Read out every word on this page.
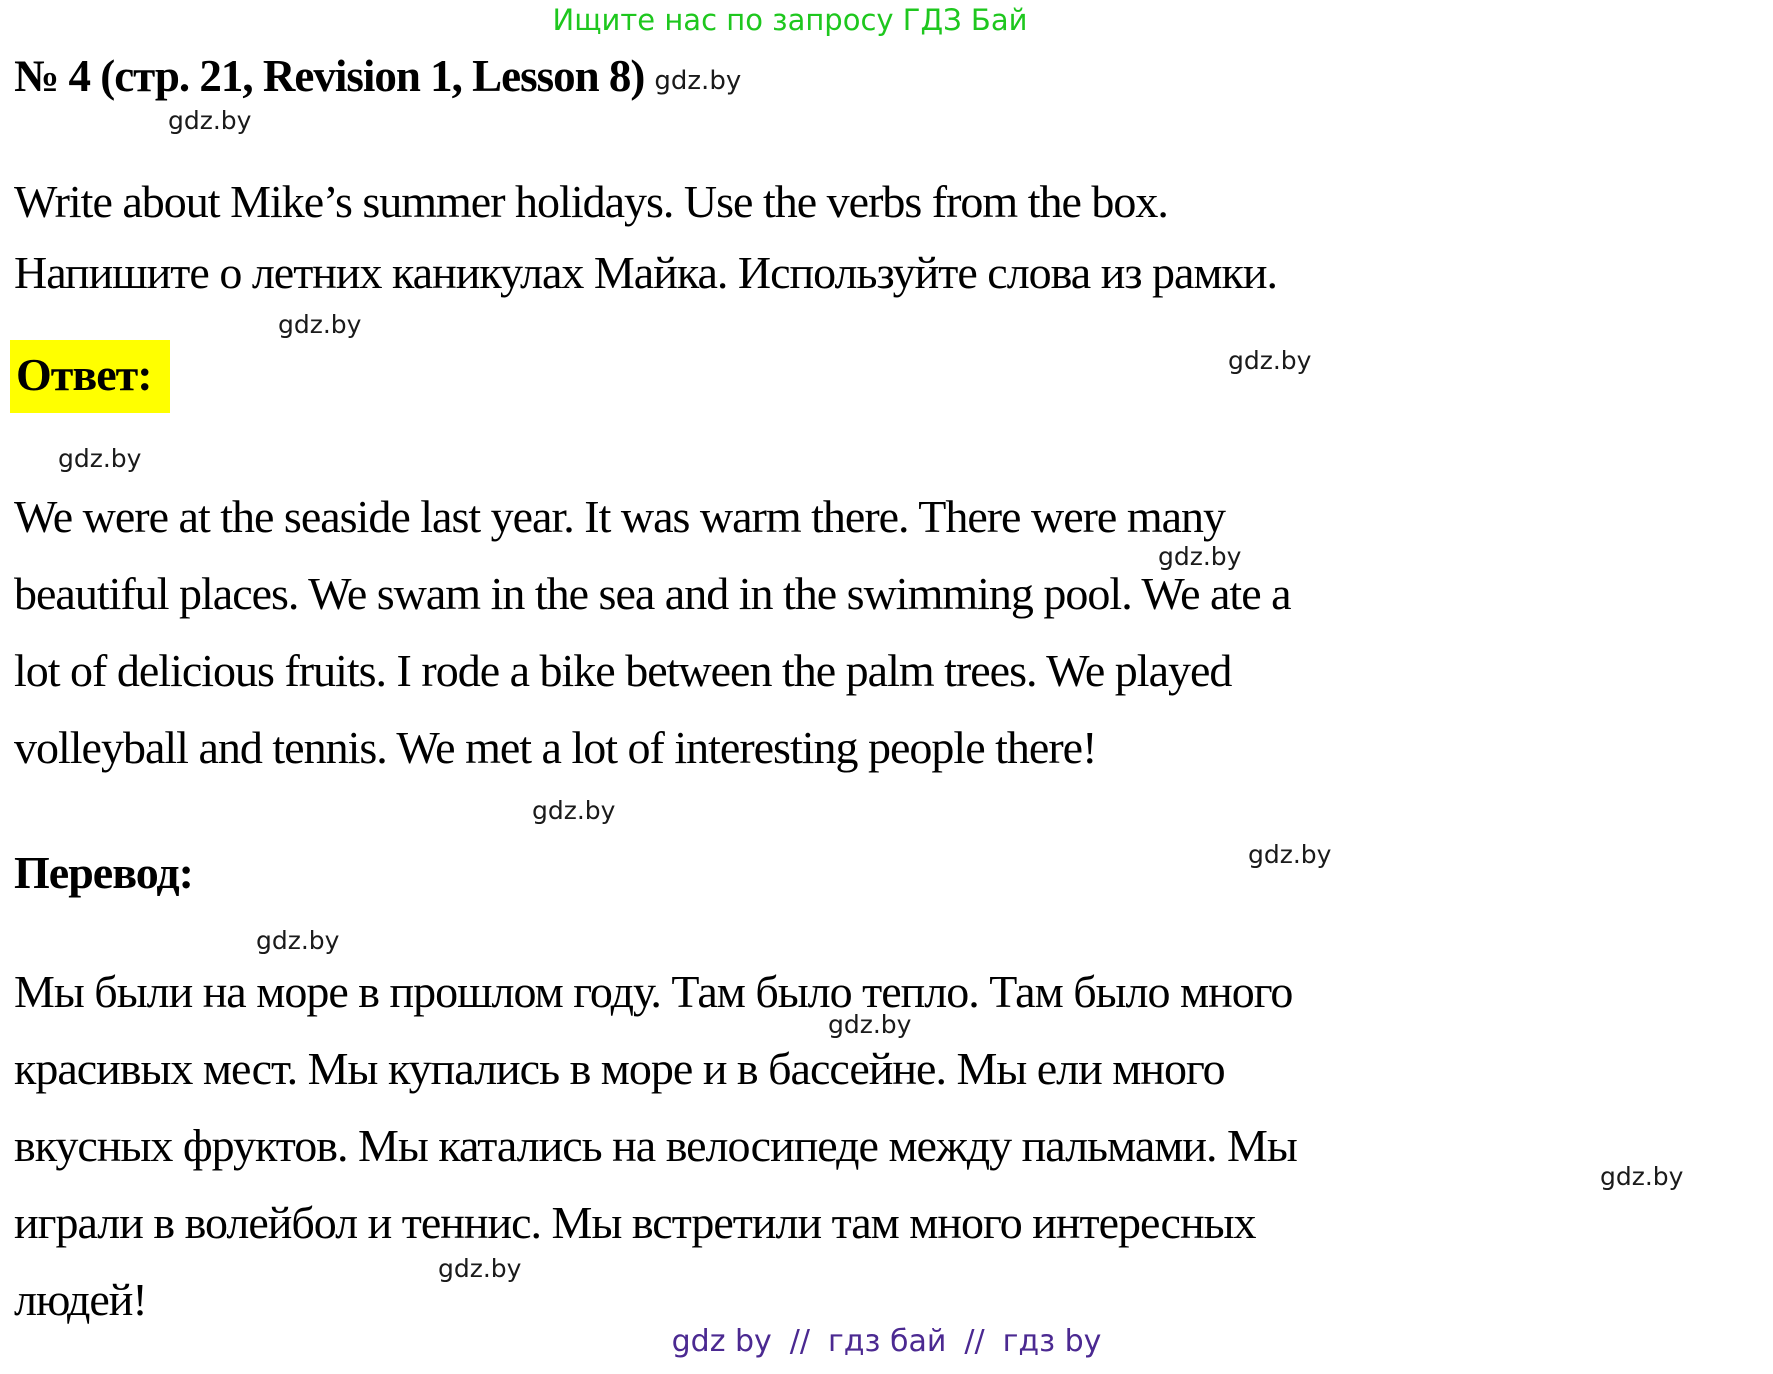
Ищите нас по запросу ГДЗ Бай
№ 4 (стр. 21, Revision 1, Lesson 8) gdz.by
gdz.by
Write about Mike’s summer holidays. Use the verbs from the box.
Напишите о летних каникулах Майка. Используйте слова из рамки.
gdz.by
Ответ:	gdz.by
gdz.by
We were at the seaside last year. It was warm there. There were many
beautiful places. We swam in the sea and in the swimming pool. We ate a
lot of delicious fruits. I rode a bike between the palm trees. We played
volleyball and tennis. We met a lot of interesting people there!
gdz.by
gdz.by
Перевод:	gdz.by
gdz.by
Мы были на море в прошлом году. Там было тепло. Там было много
красивых мест. Мы купались в море и в бассейне. Мы ели много
вкусных фруктов. Мы катались на велосипеде между пальмами. Мы
играли в волейбол и теннис. Мы встретили там много интересных
людей!
gdz.by
gdz.by
gdz.by
gdz by // гдз бай // гдз by
